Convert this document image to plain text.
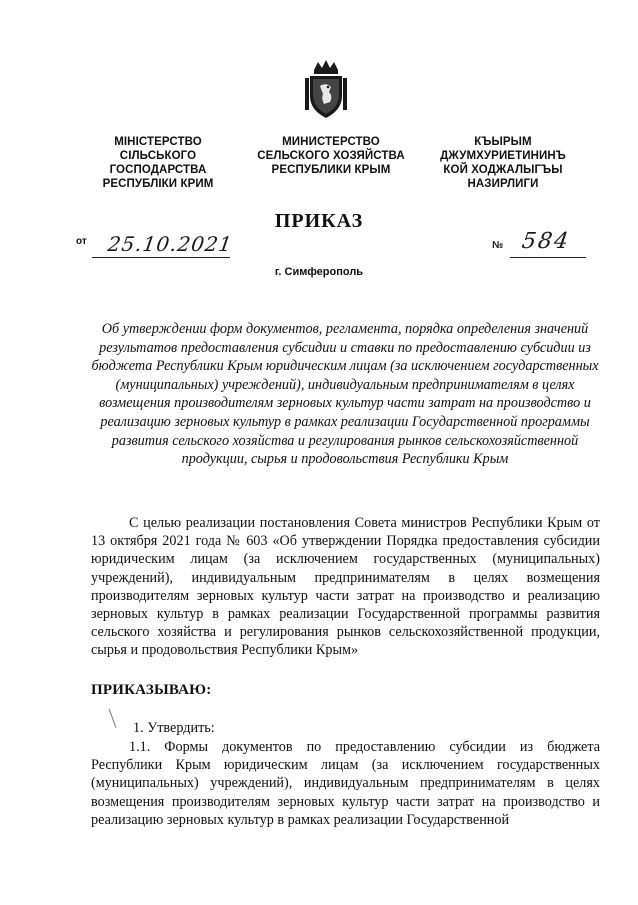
МІНІСТЕРСТВО
СІЛЬСЬКОГО
ГОСПОДАРСТВА
РЕСПУБЛІКИ КРИМ
МИНИСТЕРСТВО
СЕЛЬСКОГО ХОЗЯЙСТВА
РЕСПУБЛИКИ КРЫМ
КЪЫРЫМ
ДЖУМХУРИЕТИНИНЪ
КОЙ ХОДЖАЛЫГЪЫ
НАЗИРЛИГИ
ПРИКАЗ
от 25.10.2021	№ 584
г. Симферополь
Об утверждении форм документов, регламента, порядка определения значений результатов предоставления субсидии и ставки по предоставлению субсидии из бюджета Республики Крым юридическим лицам (за исключением государственных (муниципальных) учреждений), индивидуальным предпринимателям в целях возмещения производителям зерновых культур части затрат на производство и реализацию зерновых культур в рамках реализации Государственной программы развития сельского хозяйства и регулирования рынков сельскохозяйственной продукции, сырья и продовольствия Республики Крым
С целью реализации постановления Совета министров Республики Крым от 13 октября 2021 года № 603 «Об утверждении Порядка предоставления субсидии юридическим лицам (за исключением государственных (муниципальных) учреждений), индивидуальным предпринимателям в целях возмещения производителям зерновых культур части затрат на производство и реализацию зерновых культур в рамках реализации Государственной программы развития сельского хозяйства и регулирования рынков сельскохозяйственной продукции, сырья и продовольствия Республики Крым»
ПРИКАЗЫВАЮ:
1. Утвердить:
1.1. Формы документов по предоставлению субсидии из бюджета Республики Крым юридическим лицам (за исключением государственных (муниципальных) учреждений), индивидуальным предпринимателям в целях возмещения производителям зерновых культур части затрат на производство и реализацию зерновых культур в рамках реализации Государственной
